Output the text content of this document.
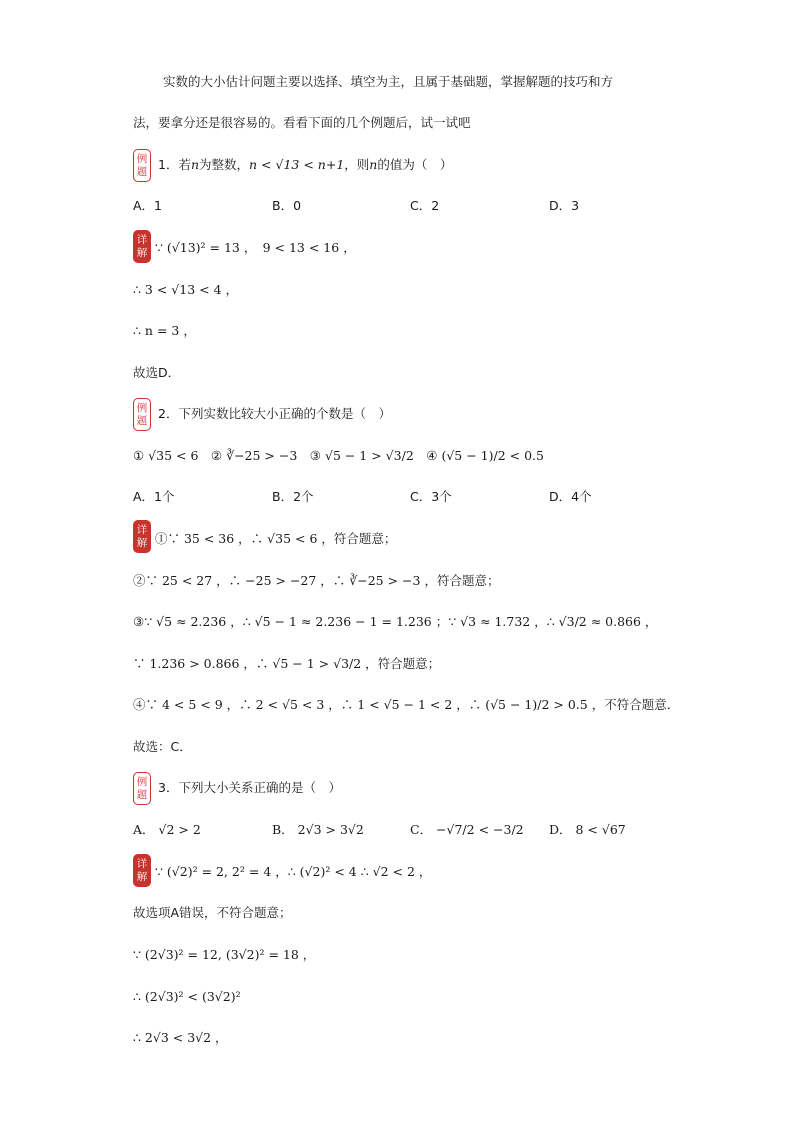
实数的大小估计问题主要以选择、填空为主，且属于基础题，掌握解题的技巧和方
法，要拿分还是很容易的。看看下面的几个例题后，试一试吧
例
题 1．若n为整数，n < √13 < n+1，则n的值为（　）
A．1	B．0	C．2	D．3
详
解 ∵ (√13)² = 13 ，　9 < 13 < 16 ，
∴ 3 < √13 < 4 ，
∴ n = 3 ，
故选D．
例
题 2．下列实数比较大小正确的个数是（　）
① √35 < 6　② ∛−25 > −3　③ √5 − 1 > √3/2　④ (√5 − 1)/2 < 0.5
A．1个	B．2个	C．3个	D．4个
详
解 ①∵ 35 < 36 ，∴ √35 < 6 ，符合题意；
②∵ 25 < 27 ，∴ −25 > −27 ，∴ ∛−25 > −3 ，符合题意；
③∵ √5 ≈ 2.236 ，∴ √5 − 1 ≈ 2.236 − 1 = 1.236 ；∵ √3 ≈ 1.732 ，∴ √3/2 ≈ 0.866 ，
∵ 1.236 > 0.866 ，∴ √5 − 1 > √3/2 ，符合题意；
④∵ 4 < 5 < 9 ，∴ 2 < √5 < 3 ，∴ 1 < √5 − 1 < 2 ，∴ (√5 − 1)/2 > 0.5 ，不符合题意．
故选：C．
例
题 3．下列大小关系正确的是（　）
A． √2 > 2	B． 2√3 > 3√2	C． −√7/2 < −3/2 D． 8 < √67
详
解 ∵ (√2)² = 2, 2² = 4 ，∴ (√2)² < 4 ∴ √2 < 2 ，
故选项A错误，不符合题意；
∵ (2√3)² = 12, (3√2)² = 18 ，
∴ (2√3)² < (3√2)²
∴ 2√3 < 3√2 ，
